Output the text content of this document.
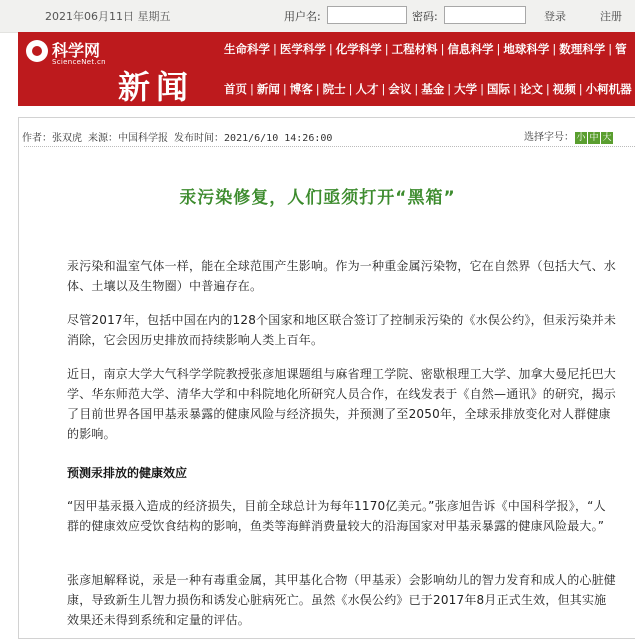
2021年06月11日 星期五	用户名:	密码:	登录	注册
科学网
ScienceNet.cn
新闻
生命科学 | 医学科学 | 化学科学 | 工程材料 | 信息科学 | 地球科学 | 数理科学 | 管
首页 | 新闻 | 博客 | 院士 | 人才 | 会议 | 基金 | 大学 | 国际 | 论文 | 视频 | 小柯机器
作者：张双虎 来源：中国科学报 发布时间：2021/6/10 14:26:00	选择字号： 小 中 大
汞污染修复，人们亟须打开“黑箱”

汞污染和温室气体一样，能在全球范围产生影响。作为一种重金属污染物，它在自然界（包括大气、水体、土壤以及生物圈）中普遍存在。

尽管2017年，包括中国在内的128个国家和地区联合签订了控制汞污染的《水俣公约》，但汞污染并未消除，它会因历史排放而持续影响人类上百年。

近日，南京大学大气科学学院教授张彦旭课题组与麻省理工学院、密歇根理工大学、加拿大曼尼托巴大学、华东师范大学、清华大学和中科院地化所研究人员合作，在线发表于《自然—通讯》的研究，揭示了目前世界各国甲基汞暴露的健康风险与经济损失，并预测了至2050年，全球汞排放变化对人群健康的影响。

预测汞排放的健康效应

“因甲基汞摄入造成的经济损失，目前全球总计为每年1170亿美元。”张彦旭告诉《中国科学报》，“人群的健康效应受饮食结构的影响，鱼类等海鲜消费量较大的沿海国家对甲基汞暴露的健康风险最大。”

张彦旭解释说，汞是一种有毒重金属，其甲基化合物（甲基汞）会影响幼儿的智力发育和成人的心脏健康，导致新生儿智力损伤和诱发心脏病死亡。虽然《水俣公约》已于2017年8月正式生效，但其实施效果还未得到系统和定量的评估。
